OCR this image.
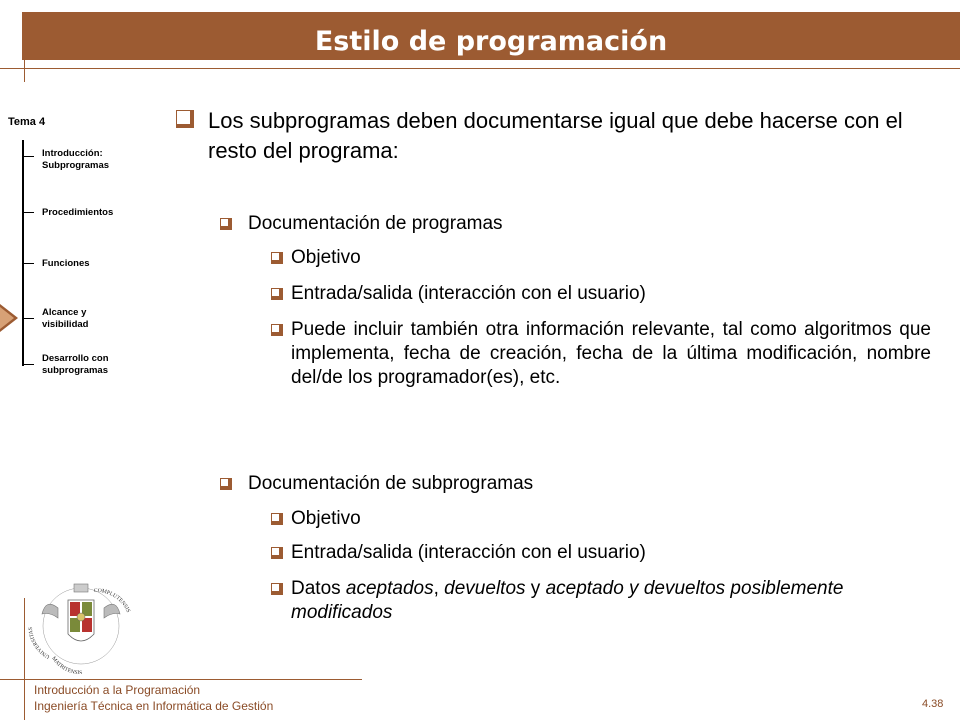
Estilo de programación
Tema 4
Introducción:
Subprogramas
Procedimientos
Funciones
Alcance y
visibilidad
Desarrollo con
subprogramas
Los subprogramas deben documentarse igual que debe hacerse con el resto del programa:
Documentación de programas
Objetivo
Entrada/salida (interacción con el usuario)
Puede incluir también otra información relevante, tal como algoritmos que implementa, fecha de creación, fecha de la última modificación, nombre del/de los programador(es), etc.
Documentación de subprogramas
Objetivo
Entrada/salida (interacción con el usuario)
Datos aceptados, devueltos y aceptado y devueltos posiblemente modificados
UNIVERSITAS
COMPLUTENSIS
MATRITENSIS
Introducción a la Programación
Ingeniería Técnica en Informática de Gestión	4.38
